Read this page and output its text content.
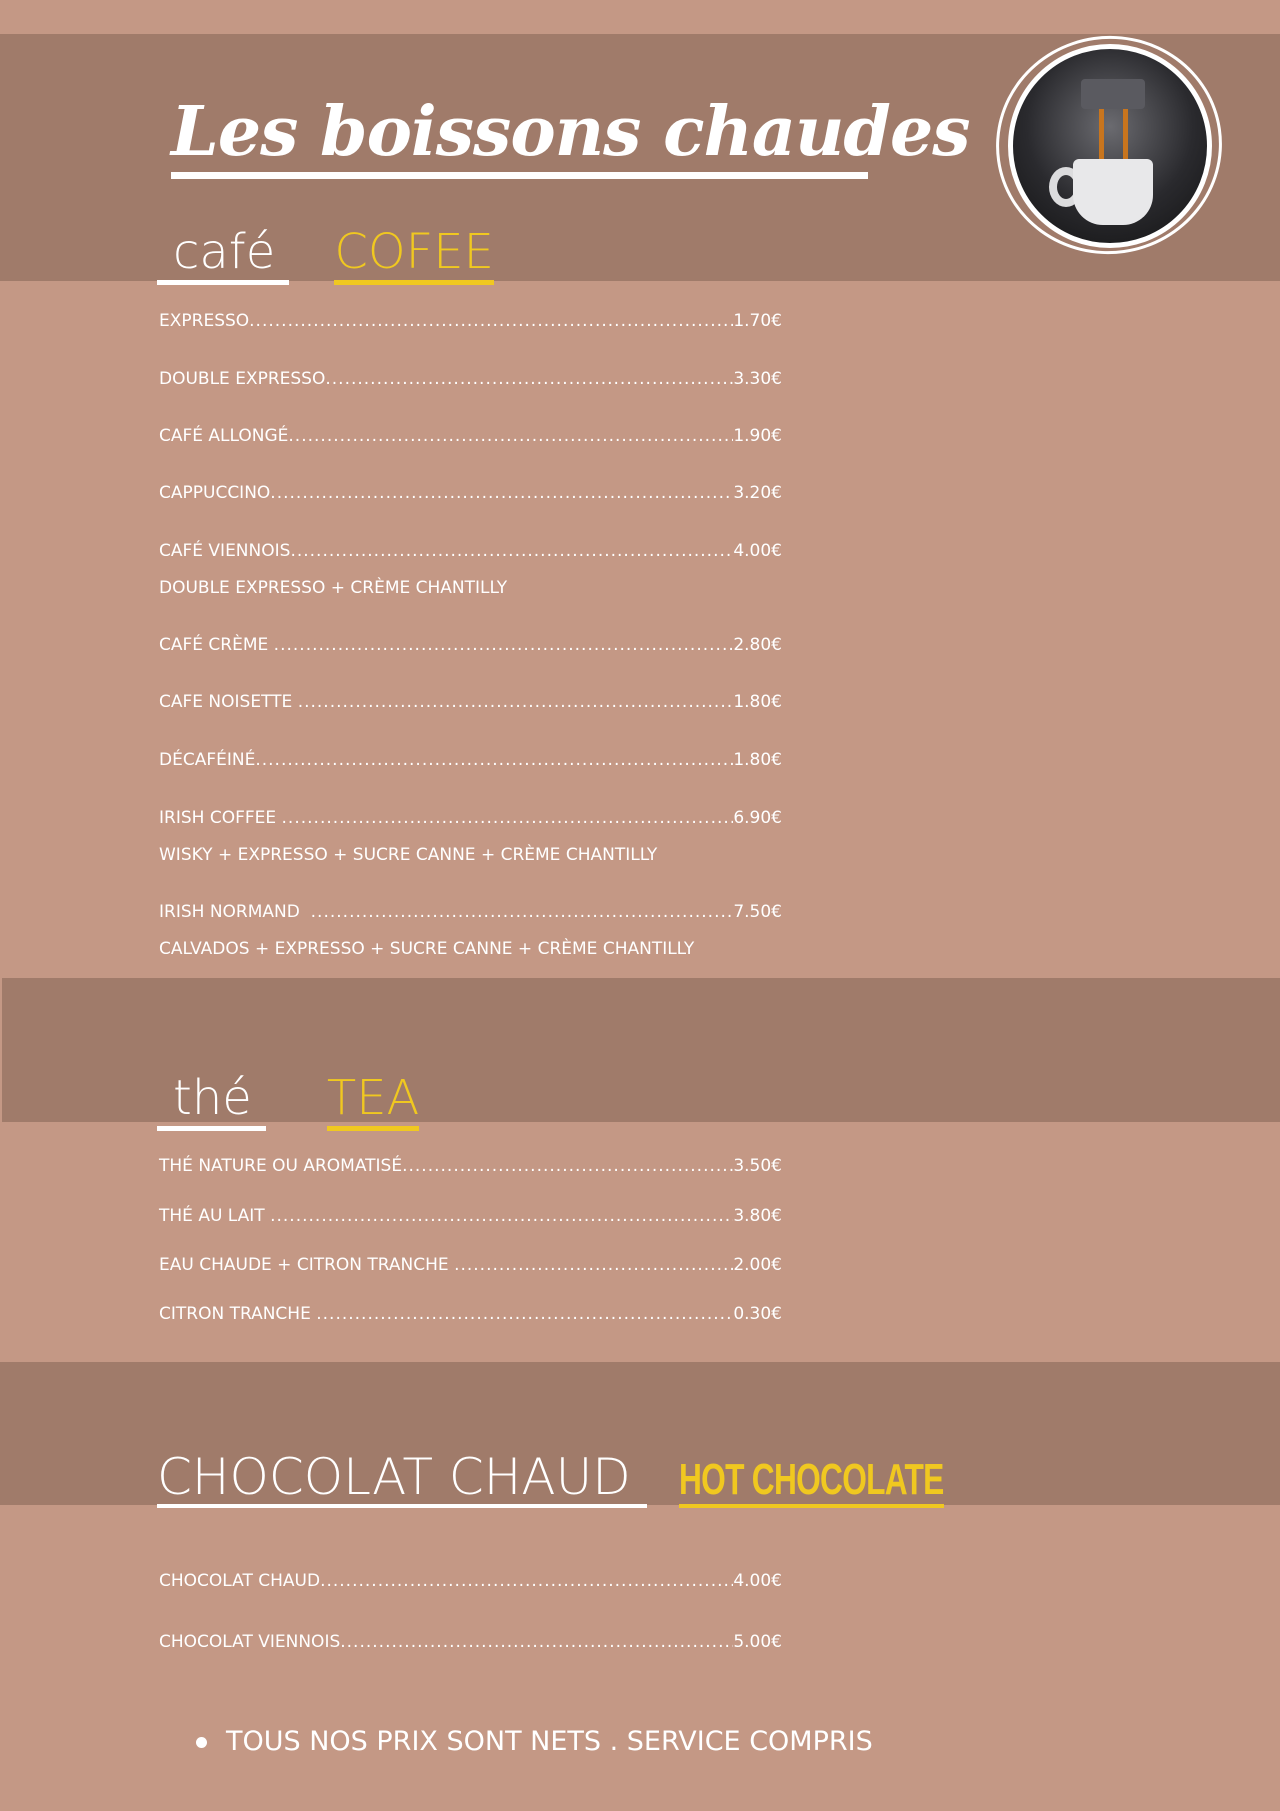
Les boissons chaudes
café COFEE
EXPRESSO .....	1.70€
DOUBLE EXPRESSO .....	3.30€
CAFÉ ALLONGÉ .....	1.90€
CAPPUCCINO .....	3.20€
CAFÉ VIENNOIS .....	4.00€
DOUBLE EXPRESSO + CRÈME CHANTILLY
CAFÉ CRÈME .....	2.80€
CAFE NOISETTE .....	1.80€
DÉCAFÉINÉ .....	1.80€
IRISH COFFEE .....	6.90€
WISKY + EXPRESSO + SUCRE CANNE + CRÈME CHANTILLY
IRISH NORMAND .....	7.50€
CALVADOS + EXPRESSO + SUCRE CANNE + CRÈME CHANTILLY
thé TEA
THÉ NATURE OU AROMATISÉ .....	3.50€
THÉ AU LAIT .....	3.80€
EAU CHAUDE + CITRON TRANCHE .....	2.00€
CITRON TRANCHE .....	0.30€
CHOCOLAT CHAUD	HOT CHOCOLATE
CHOCOLAT CHAUD .....	4.00€
CHOCOLAT VIENNOIS .....	5.00€
TOUS NOS PRIX SONT NETS . SERVICE COMPRIS
